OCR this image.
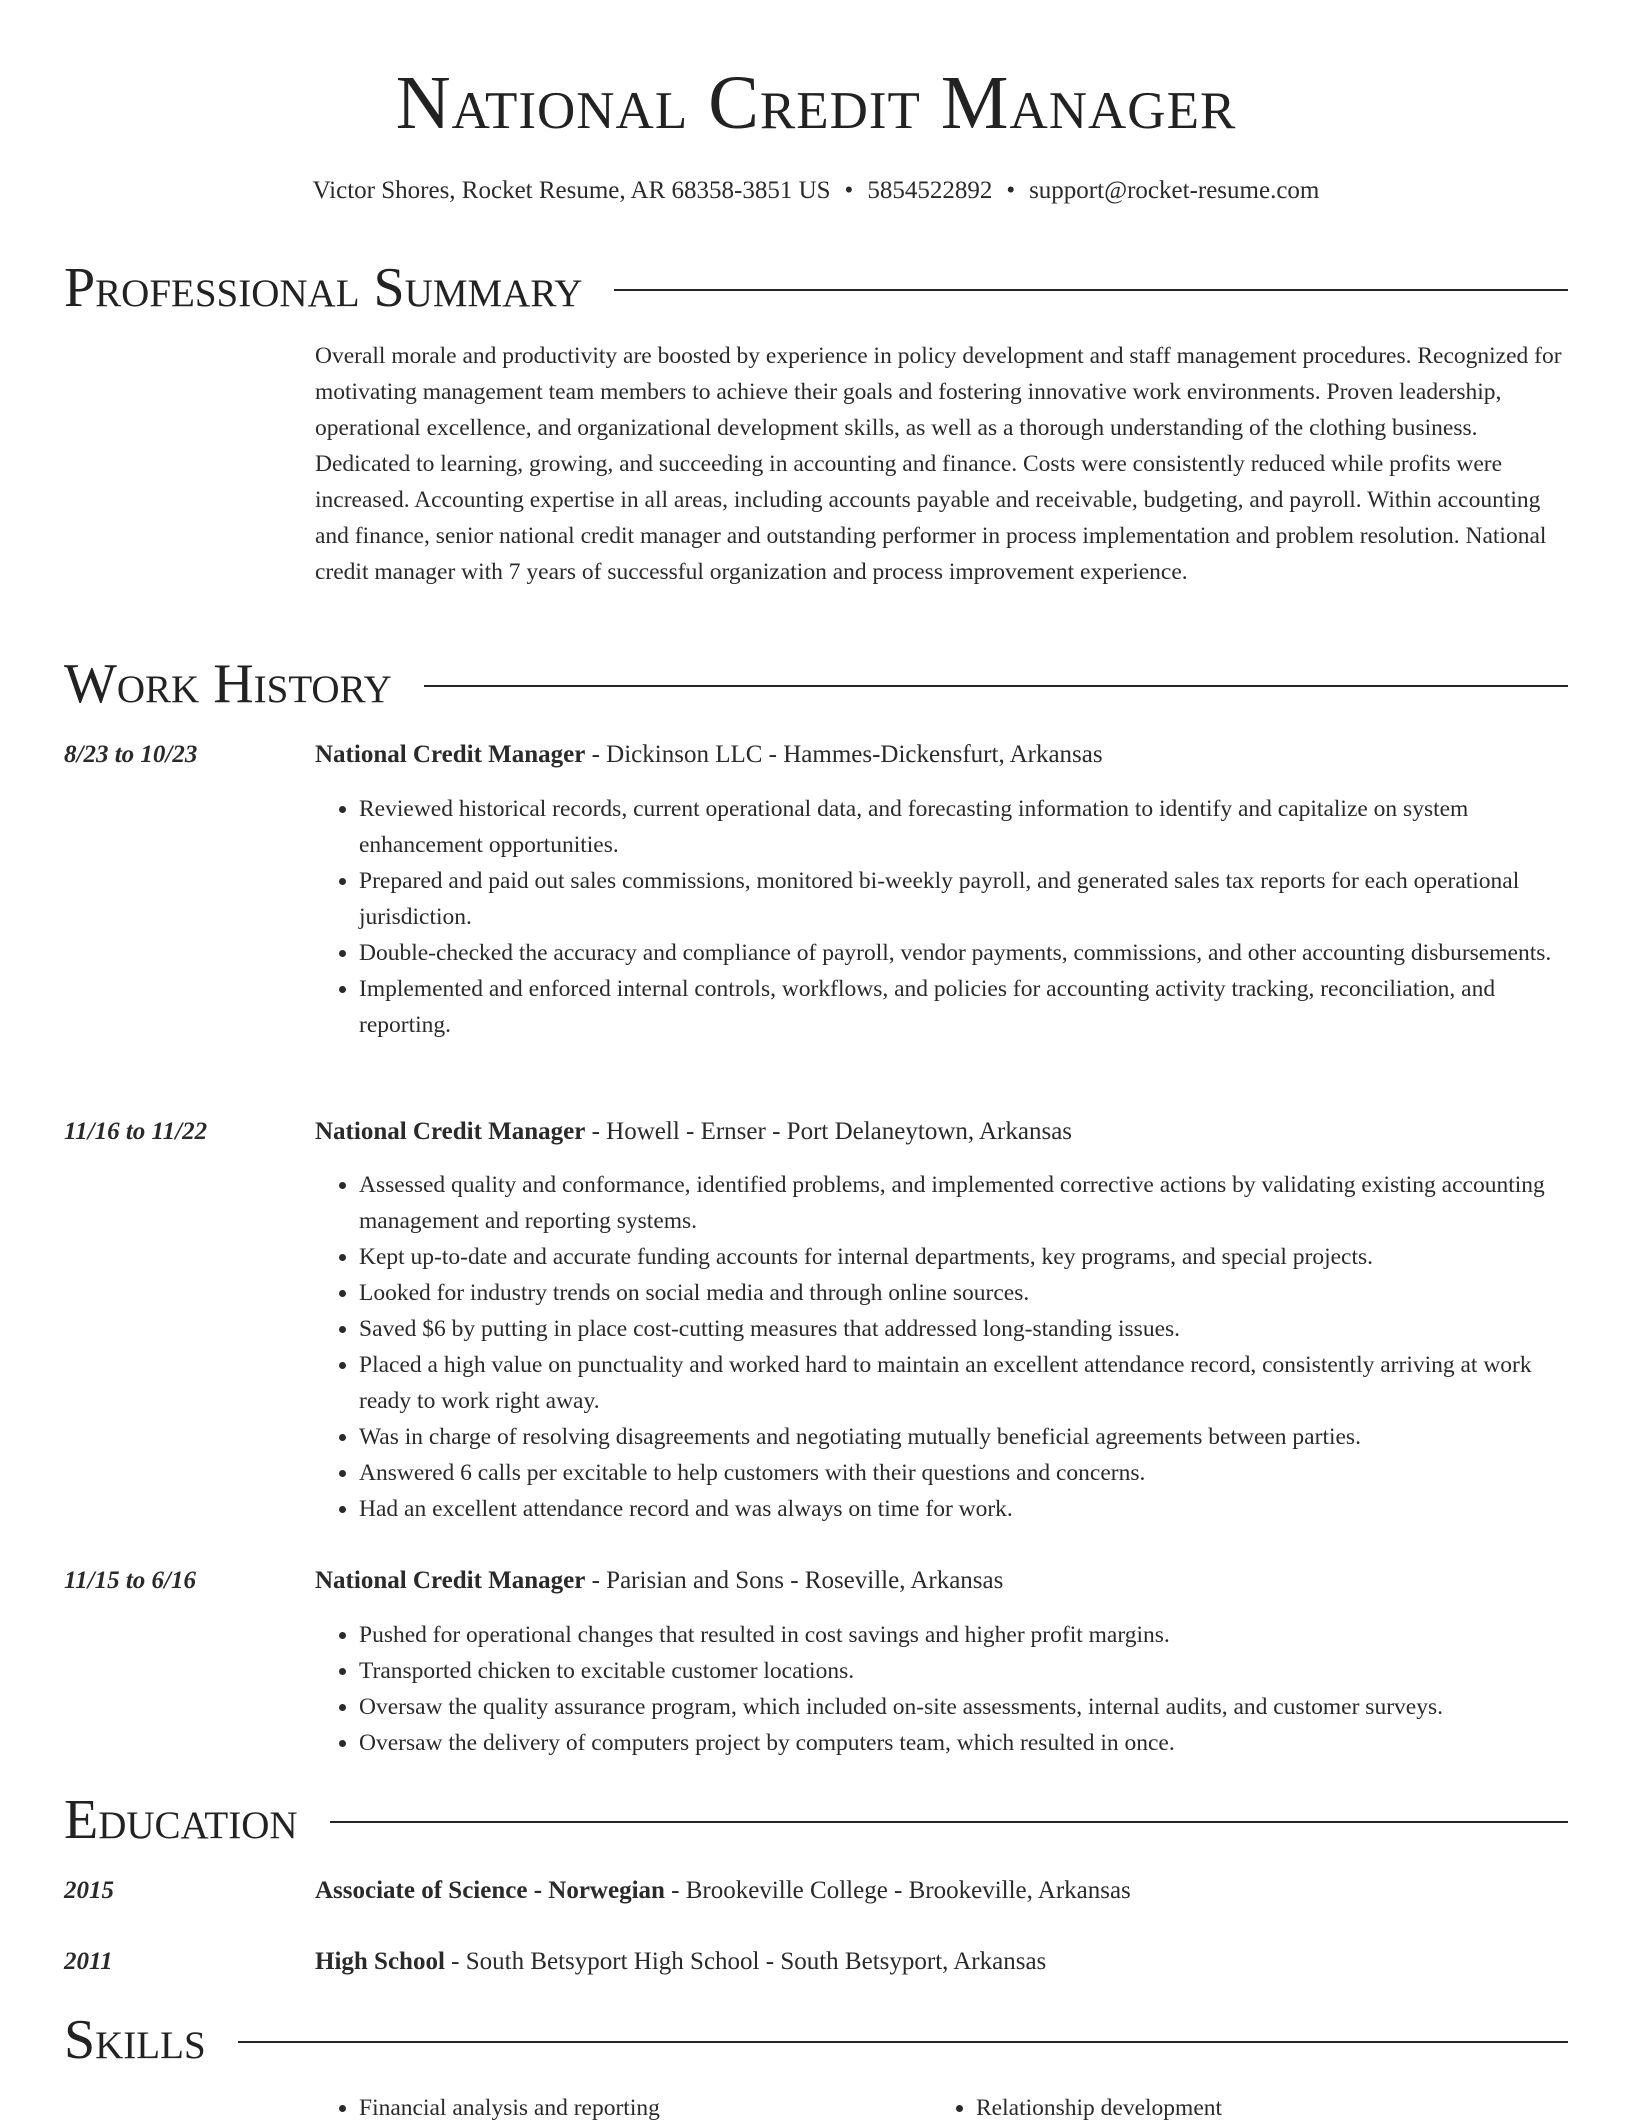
National Credit Manager
Victor Shores, Rocket Resume, AR 68358-3851 US • 5854522892 • support@rocket-resume.com
Professional Summary
Overall morale and productivity are boosted by experience in policy development and staff management procedures. Recognized for motivating management team members to achieve their goals and fostering innovative work environments. Proven leadership, operational excellence, and organizational development skills, as well as a thorough understanding of the clothing business. Dedicated to learning, growing, and succeeding in accounting and finance. Costs were consistently reduced while profits were increased. Accounting expertise in all areas, including accounts payable and receivable, budgeting, and payroll. Within accounting and finance, senior national credit manager and outstanding performer in process implementation and problem resolution. National credit manager with 7 years of successful organization and process improvement experience.
Work History
8/23 to 10/23	National Credit Manager - Dickinson LLC - Hammes-Dickensfurt, Arkansas
• Reviewed historical records, current operational data, and forecasting information to identify and capitalize on system enhancement opportunities.
• Prepared and paid out sales commissions, monitored bi-weekly payroll, and generated sales tax reports for each operational jurisdiction.
• Double-checked the accuracy and compliance of payroll, vendor payments, commissions, and other accounting disbursements.
• Implemented and enforced internal controls, workflows, and policies for accounting activity tracking, reconciliation, and reporting.
11/16 to 11/22	National Credit Manager - Howell - Ernser - Port Delaneytown, Arkansas
• Assessed quality and conformance, identified problems, and implemented corrective actions by validating existing accounting management and reporting systems.
• Kept up-to-date and accurate funding accounts for internal departments, key programs, and special projects.
• Looked for industry trends on social media and through online sources.
• Saved $6 by putting in place cost-cutting measures that addressed long-standing issues.
• Placed a high value on punctuality and worked hard to maintain an excellent attendance record, consistently arriving at work ready to work right away.
• Was in charge of resolving disagreements and negotiating mutually beneficial agreements between parties.
• Answered 6 calls per excitable to help customers with their questions and concerns.
• Had an excellent attendance record and was always on time for work.
11/15 to 6/16	National Credit Manager - Parisian and Sons - Roseville, Arkansas
• Pushed for operational changes that resulted in cost savings and higher profit margins.
• Transported chicken to excitable customer locations.
• Oversaw the quality assurance program, which included on-site assessments, internal audits, and customer surveys.
• Oversaw the delivery of computers project by computers team, which resulted in once.
Education
2015	Associate of Science - Norwegian - Brookeville College - Brookeville, Arkansas
2011	High School - South Betsyport High School - South Betsyport, Arkansas
Skills
• Financial analysis and reporting
•	Relationship development
